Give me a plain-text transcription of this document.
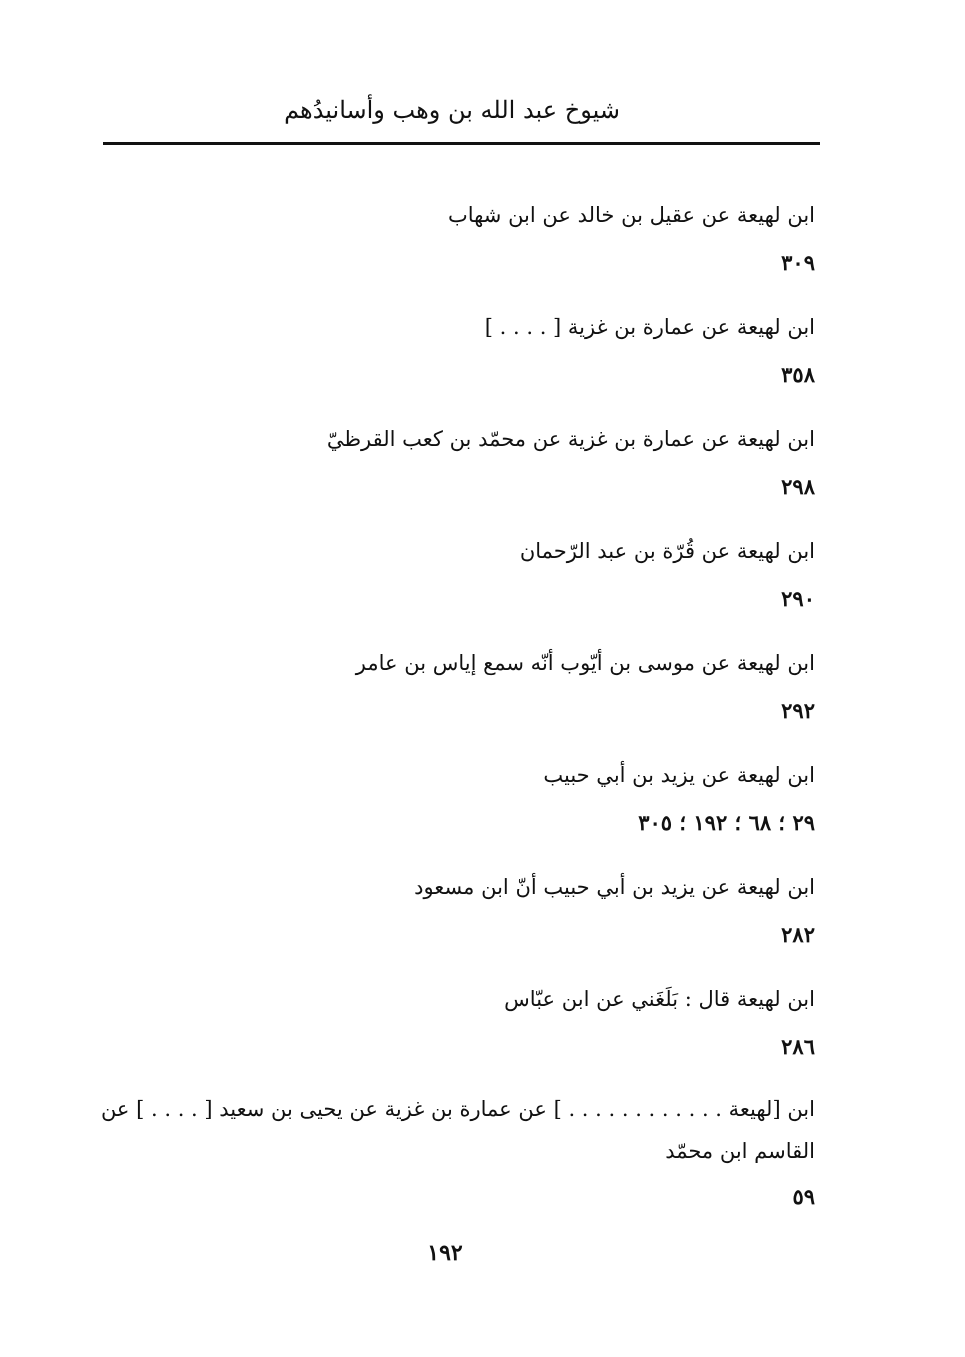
شيوخ عبد الله بن وهب وأسانيدُهم
ابن لهيعة عن عقيل بن خالد عن ابن شهاب
٣٠٩
ابن لهيعة عن عمارة بن غزية [ . . . . ]
٣٥٨
ابن لهيعة عن عمارة بن غزية عن محمّد بن كعب القرظيّ
٢٩٨
ابن لهيعة عن قُرّة بن عبد الرّحمان
٢٩٠
ابن لهيعة عن موسى بن أيّوب أنّه سمع إياس بن عامر
٢٩٢
ابن لهيعة عن يزيد بن أبي حبيب
٢٩ ؛ ٦٨ ؛ ١٩٢ ؛ ٣٠٥
ابن لهيعة عن يزيد بن أبي حبيب أنّ ابن مسعود
٢٨٢
ابن لهيعة قال : بَلَغَني عن ابن عبّاس
٢٨٦
ابن [لهيعة . . . . . . . . . . . . ] عن عمارة بن غزية عن يحيى بن سعيد [ . . . . ] عن القاسم ابن محمّد
٥٩
١٩٢
